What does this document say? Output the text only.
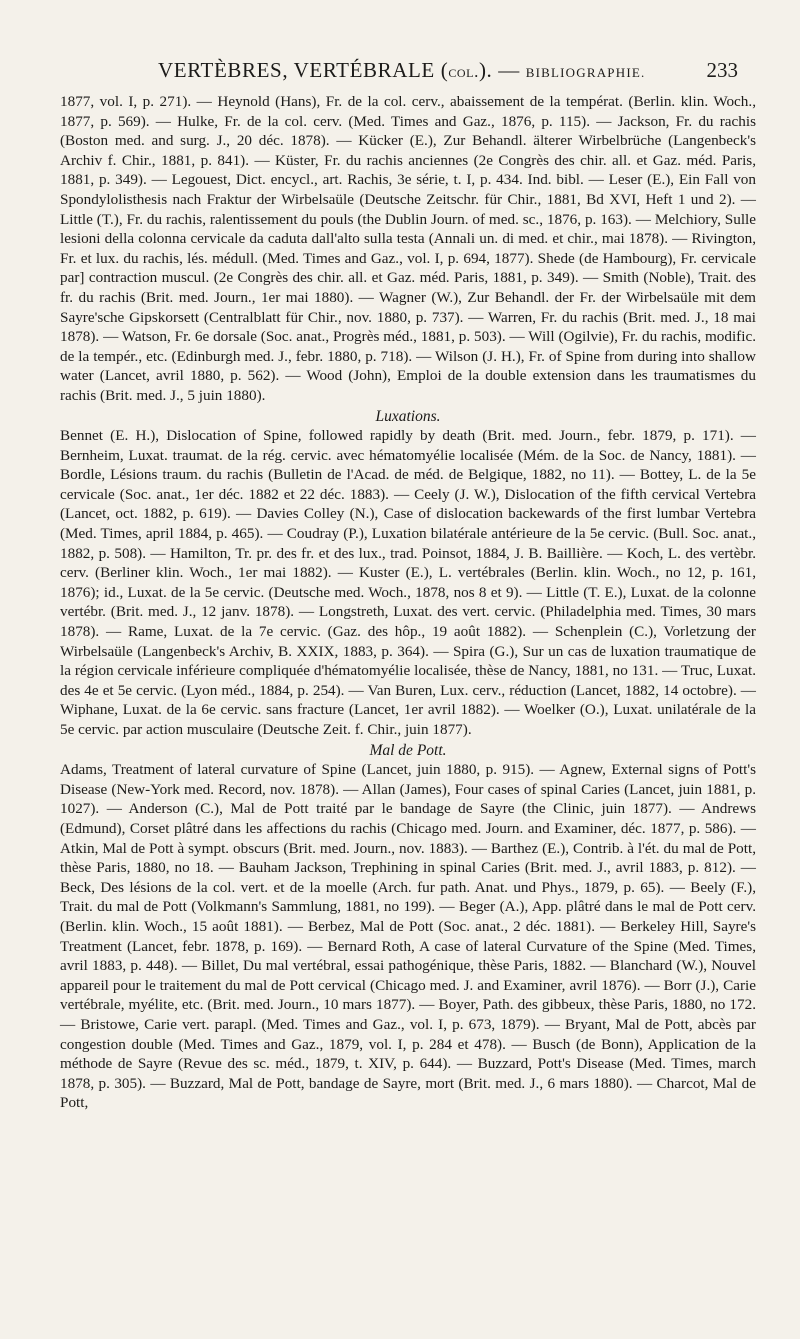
VERTÈBRES, VERTÉBRALE (col.). — BIBLIOGRAPHIE.	233

1877, vol. I, p. 271). — Heynold (Hans), Fr. de la col. cerv., abaissement de la températ. (Berlin. klin. Woch., 1877, p. 569). — Hulke, Fr. de la col. cerv. (Med. Times and Gaz., 1876, p. 115). — Jackson, Fr. du rachis (Boston med. and surg. J., 20 déc. 1878). — Kücker (E.), Zur Behandl. älterer Wirbelbrüche (Langenbeck's Archiv f. Chir., 1881, p. 841). — Küster, Fr. du rachis anciennes (2e Congrès des chir. all. et Gaz. méd. Paris, 1881, p. 349). — Legouest, Dict. encycl., art. Rachis, 3e série, t. I, p. 434. Ind. bibl. — Leser (E.), Ein Fall von Spondylolisthesis nach Fraktur der Wirbelsaüle (Deutsche Zeitschr. für Chir., 1881, Bd XVI, Heft 1 und 2). — Little (T.), Fr. du rachis, ralentissement du pouls (the Dublin Journ. of med. sc., 1876, p. 163). — Melchiory, Sulle lesioni della colonna cervicale da caduta dall'alto sulla testa (Annali un. di med. et chir., mai 1878). — Rivington, Fr. et lux. du rachis, lés. médull. (Med. Times and Gaz., vol. I, p. 694, 1877). Shede (de Hambourg), Fr. cervicale par] contraction muscul. (2e Congrès des chir. all. et Gaz. méd. Paris, 1881, p. 349). — Smith (Noble), Trait. des fr. du rachis (Brit. med. Journ., 1er mai 1880). — Wagner (W.), Zur Behandl. der Fr. der Wirbelsaüle mit dem Sayre'sche Gipskorsett (Centralblatt für Chir., nov. 1880, p. 737). — Warren, Fr. du rachis (Brit. med. J., 18 mai 1878). — Watson, Fr. 6e dorsale (Soc. anat., Progrès méd., 1881, p. 503). — Will (Ogilvie), Fr. du rachis, modific. de la tempér., etc. (Edinburgh med. J., febr. 1880, p. 718). — Wilson (J. H.), Fr. of Spine from during into shallow water (Lancet, avril 1880, p. 562). — Wood (John), Emploi de la double extension dans les traumatismes du rachis (Brit. med. J., 5 juin 1880).

Luxations.

Bennet (E. H.), Dislocation of Spine, followed rapidly by death (Brit. med. Journ., febr. 1879, p. 171). — Bernheim, Luxat. traumat. de la rég. cervic. avec hématomyélie localisée (Mém. de la Soc. de Nancy, 1881). — Bordle, Lésions traum. du rachis (Bulletin de l'Acad. de méd. de Belgique, 1882, no 11). — Bottey, L. de la 5e cervicale (Soc. anat., 1er déc. 1882 et 22 déc. 1883). — Ceely (J. W.), Dislocation of the fifth cervical Vertebra (Lancet, oct. 1882, p. 619). — Davies Colley (N.), Case of dislocation backewards of the first lumbar Vertebra (Med. Times, april 1884, p. 465). — Coudray (P.), Luxation bilatérale antérieure de la 5e cervic. (Bull. Soc. anat., 1882, p. 508). — Hamilton, Tr. pr. des fr. et des lux., trad. Poinsot, 1884, J. B. Baillière. — Koch, L. des vertèbr. cerv. (Berliner klin. Woch., 1er mai 1882). — Kuster (E.), L. vertébrales (Berlin. klin. Woch., no 12, p. 161, 1876); id., Luxat. de la 5e cervic. (Deutsche med. Woch., 1878, nos 8 et 9). — Little (T. E.), Luxat. de la colonne vertébr. (Brit. med. J., 12 janv. 1878). — Longstreth, Luxat. des vert. cervic. (Philadelphia med. Times, 30 mars 1878). — Rame, Luxat. de la 7e cervic. (Gaz. des hôp., 19 août 1882). — Schenplein (C.), Vorletzung der Wirbelsaüle (Langenbeck's Archiv, B. XXIX, 1883, p. 364). — Spira (G.), Sur un cas de luxation traumatique de la région cervicale inférieure compliquée d'hématomyélie localisée, thèse de Nancy, 1881, no 131. — Truc, Luxat. des 4e et 5e cervic. (Lyon méd., 1884, p. 254). — Van Buren, Lux. cerv., réduction (Lancet, 1882, 14 octobre). — Wiphane, Luxat. de la 6e cervic. sans fracture (Lancet, 1er avril 1882). — Woelker (O.), Luxat. unilatérale de la 5e cervic. par action musculaire (Deutsche Zeit. f. Chir., juin 1877).

Mal de Pott.

Adams, Treatment of lateral curvature of Spine (Lancet, juin 1880, p. 915). — Agnew, External signs of Pott's Disease (New-York med. Record, nov. 1878). — Allan (James), Four cases of spinal Caries (Lancet, juin 1881, p. 1027). — Anderson (C.), Mal de Pott traité par le bandage de Sayre (the Clinic, juin 1877). — Andrews (Edmund), Corset plâtré dans les affections du rachis (Chicago med. Journ. and Examiner, déc. 1877, p. 586). — Atkin, Mal de Pott à sympt. obscurs (Brit. med. Journ., nov. 1883). — Barthez (E.), Contrib. à l'ét. du mal de Pott, thèse Paris, 1880, no 18. — Bauham Jackson, Trephining in spinal Caries (Brit. med. J., avril 1883, p. 812). — Beck, Des lésions de la col. vert. et de la moelle (Arch. fur path. Anat. und Phys., 1879, p. 65). — Beely (F.), Trait. du mal de Pott (Volkmann's Sammlung, 1881, no 199). — Beger (A.), App. plâtré dans le mal de Pott cerv. (Berlin. klin. Woch., 15 août 1881). — Berbez, Mal de Pott (Soc. anat., 2 déc. 1881). — Berkeley Hill, Sayre's Treatment (Lancet, febr. 1878, p. 169). — Bernard Roth, A case of lateral Curvature of the Spine (Med. Times, avril 1883, p. 448). — Billet, Du mal vertébral, essai pathogénique, thèse Paris, 1882. — Blanchard (W.), Nouvel appareil pour le traitement du mal de Pott cervical (Chicago med. J. and Examiner, avril 1876). — Borr (J.), Carie vertébrale, myélite, etc. (Brit. med. Journ., 10 mars 1877). — Boyer, Path. des gibbeux, thèse Paris, 1880, no 172. — Bristowe, Carie vert. parapl. (Med. Times and Gaz., vol. I, p. 673, 1879). — Bryant, Mal de Pott, abcès par congestion double (Med. Times and Gaz., 1879, vol. I, p. 284 et 478). — Busch (de Bonn), Application de la méthode de Sayre (Revue des sc. méd., 1879, t. XIV, p. 644). — Buzzard, Pott's Disease (Med. Times, march 1878, p. 305). — Buzzard, Mal de Pott, bandage de Sayre, mort (Brit. med. J., 6 mars 1880). — Charcot, Mal de Pott,
